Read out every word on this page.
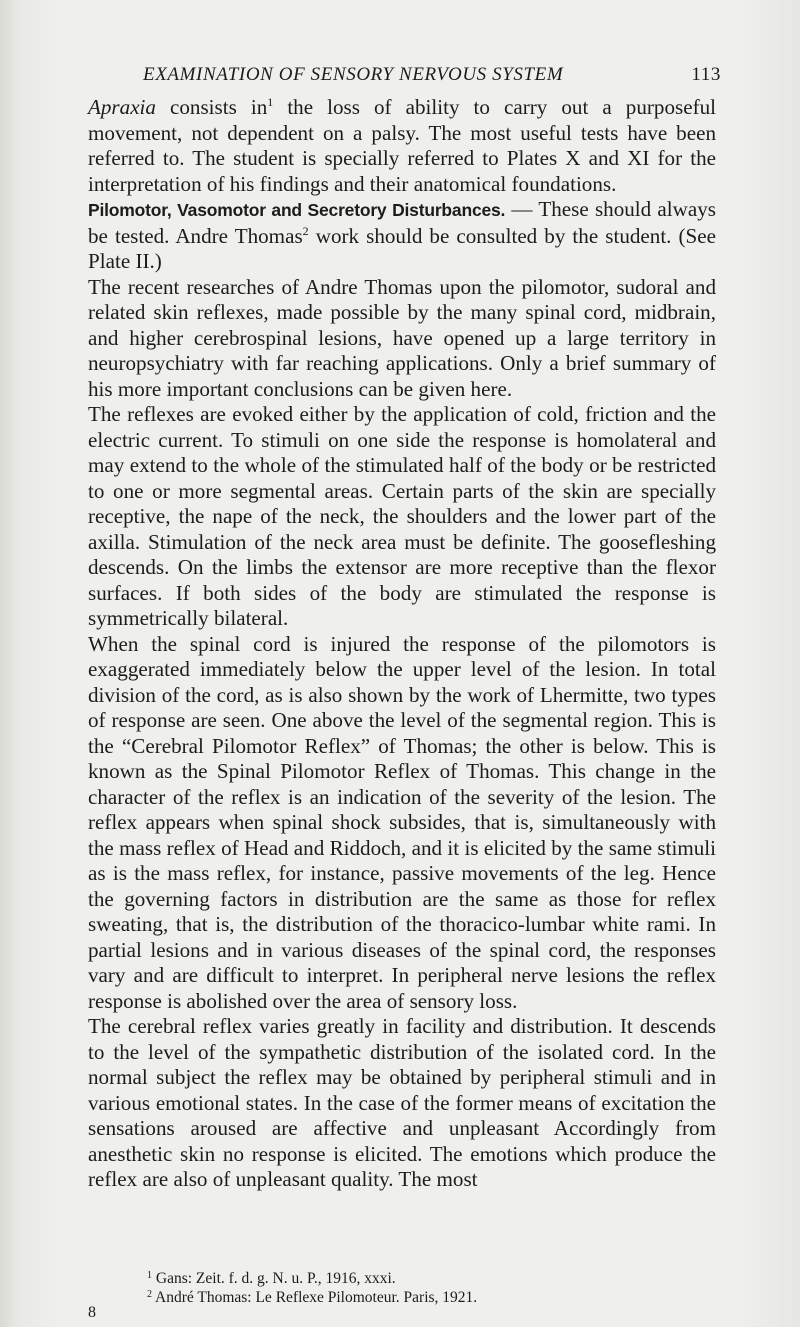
EXAMINATION OF SENSORY NERVOUS SYSTEM	113

Apraxia consists $in^1$ the loss of ability to carry out a purposeful movement, not dependent on a palsy. The most useful tests have been referred to. The student is specially referred to Plates X and XI for the interpretation of his findings and their anatomical foundations.

Pilomotor, Vasomotor and Secretory Disturbances. — These should always be tested. Andre Thomas$^2$ work should be consulted by the student. (See Plate II.)

The recent researches of Andre Thomas upon the pilomotor, sudoral and related skin reflexes, made possible by the many spinal cord, midbrain, and higher cerebrospinal lesions, have opened up a large territory in neuropsychiatry with far reaching applications. Only a brief summary of his more important conclusions can be given here.

The reflexes are evoked either by the application of cold, friction and the electric current. To stimuli on one side the response is homolateral and may extend to the whole of the stimulated half of the body or be restricted to one or more segmental areas. Certain parts of the skin are specially receptive, the nape of the neck, the shoulders and the lower part of the axilla. Stimulation of the neck area must be definite. The goosefleshing descends. On the limbs the extensor are more receptive than the flexor surfaces. If both sides of the body are stimulated the response is symmetrically bilateral.

When the spinal cord is injured the response of the pilomotors is exaggerated immediately below the upper level of the lesion. In total division of the cord, as is also shown by the work of Lhermitte, two types of response are seen. One above the level of the segmental region. This is the “Cerebral Pilomotor Reflex” of Thomas; the other is below. This is known as the Spinal Pilomotor Reflex of Thomas. This change in the character of the reflex is an indication of the severity of the lesion. The reflex appears when spinal shock subsides, that is, simultaneously with the mass reflex of Head and Riddoch, and it is elicited by the same stimuli as is the mass reflex, for instance, passive movements of the leg. Hence the governing factors in distribution are the same as those for reflex sweating, that is, the distribution of the thoracico-lumbar white rami. In partial lesions and in various diseases of the spinal cord, the responses vary and are difficult to interpret. In peripheral nerve lesions the reflex response is abolished over the area of sensory loss.

The cerebral reflex varies greatly in facility and distribution. It descends to the level of the sympathetic distribution of the isolated cord. In the normal subject the reflex may be obtained by peripheral stimuli and in various emotional states. In the case of the former means of excitation the sensations aroused are affective and unpleasant Accordingly from anesthetic skin no response is elicited. The emotions which produce the reflex are also of unpleasant quality. The most

$^1$ Gans: Zeit. f. d. g. N. u. P., 1916, xxxi.

$^2$ André Thomas: Le Reflexe Pilomoteur. Paris, 1921.

8
